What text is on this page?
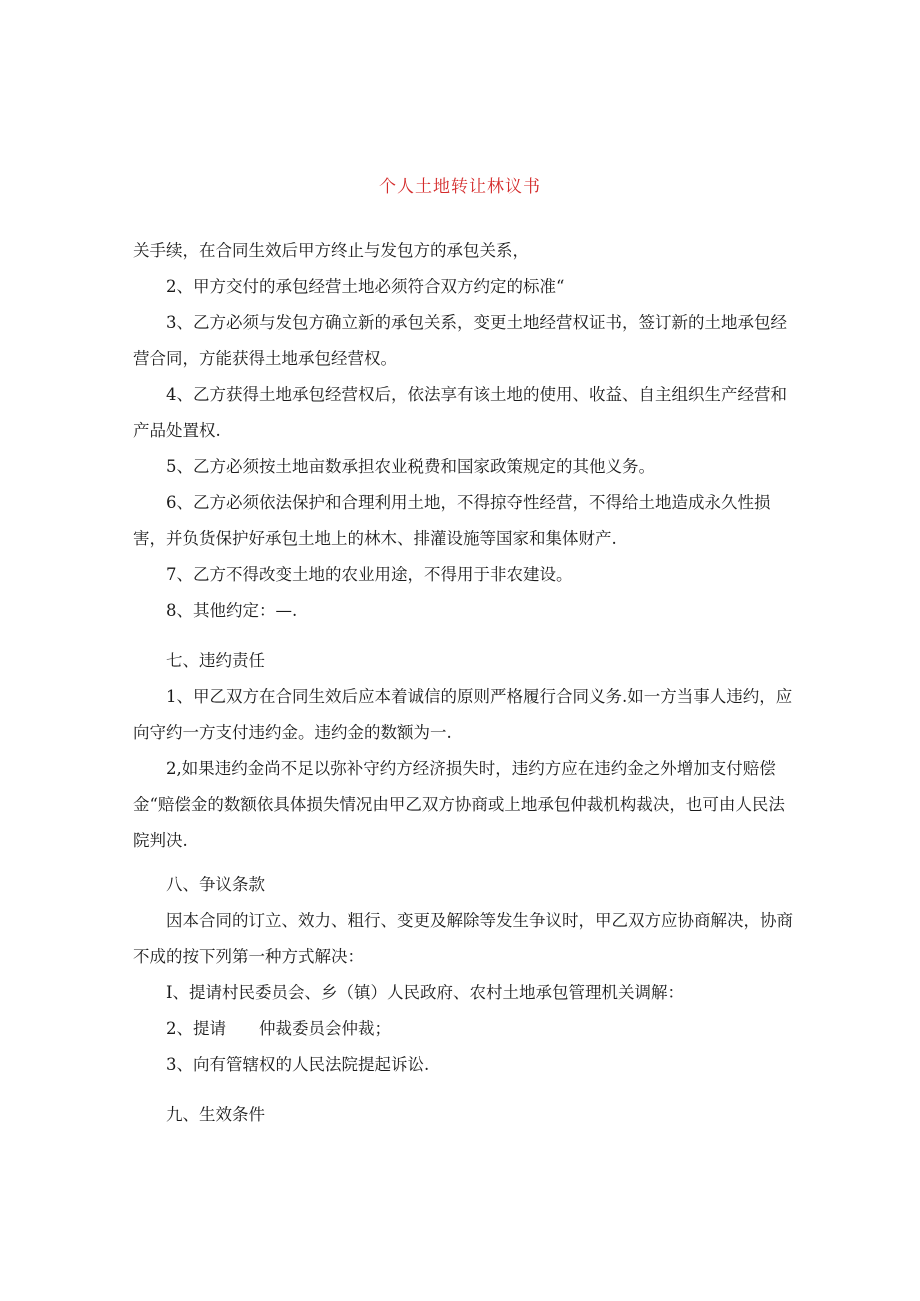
个人土地转让林议书

关手续，在合同生效后甲方终止与发包方的承包关系，

2、甲方交付的承包经营土地必须符合双方约定的标准“

3、乙方必须与发包方确立新的承包关系，变更土地经营权证书，签订新的土地承包经营合同，方能获得土地承包经营权。

4、乙方获得土地承包经营权后，依法享有该土地的使用、收益、自主组织生产经营和产品处置权.

5、乙方必须按土地亩数承担农业税费和国家政策规定的其他义务。

6、乙方必须依法保护和合理利用土地，不得掠夺性经营，不得给土地造成永久性损害，并负货保护好承包土地上的林木、排灌设施等国家和集体财产.

7、乙方不得改变土地的农业用途，不得用于非农建设。

8、其他约定：—.

七、违约责任

1、甲乙双方在合同生效后应本着诚信的原则严格履行合同义务.如一方当事人违约，应向守约一方支付违约金。违约金的数额为一.

2,如果违约金尚不足以弥补守约方经济损失时，违约方应在违约金之外增加支付赔偿金“赔偿金的数额依具体损失情况由甲乙双方协商或上地承包仲裁机构裁决，也可由人民法院判决.

八、争议条款

因本合同的订立、效力、粗行、变更及解除等发生争议时，甲乙双方应协商解决，协商不成的按下列第一种方式解决：

I、提请村民委员会、乡（镇）人民政府、农村土地承包管理机关调解：

2、提请　　仲裁委员会仲裁；

3、向有管辖权的人民法院提起诉讼.

九、生效条件
